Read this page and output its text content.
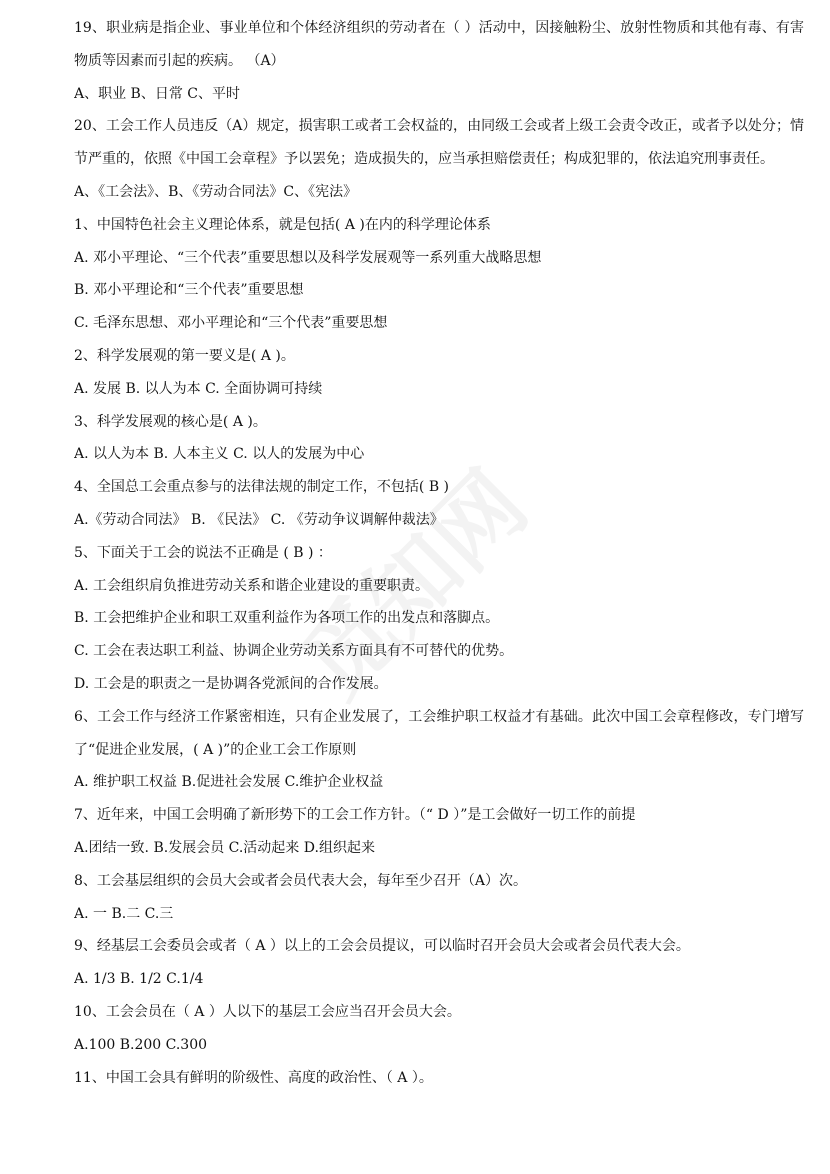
19、职业病是指企业、事业单位和个体经济组织的劳动者在（ ）活动中，因接触粉尘、放射性物质和其他有毒、有害物质等因素而引起的疾病。 （A）

A、职业 B、日常 C、平时

20、工会工作人员违反（A）规定，损害职工或者工会权益的，由同级工会或者上级工会责令改正，或者予以处分；情节严重的，依照《中国工会章程》予以罢免；造成损失的，应当承担赔偿责任；构成犯罪的，依法追究刑事责任。

A、《工会法》、B、《劳动合同法》C、《宪法》

1、中国特色社会主义理论体系，就是包括( A )在内的科学理论体系

A. 邓小平理论、“三个代表”重要思想以及科学发展观等一系列重大战略思想

B. 邓小平理论和“三个代表”重要思想

C. 毛泽东思想、邓小平理论和“三个代表”重要思想

2、科学发展观的第一要义是( A )。

A. 发展 B. 以人为本 C. 全面协调可持续

3、科学发展观的核心是( A )。

A. 以人为本 B. 人本主义 C. 以人的发展为中心

4、全国总工会重点参与的法律法规的制定工作，不包括( B )

A.《劳动合同法》 B. 《民法》 C. 《劳动争议调解仲裁法》

5、下面关于工会的说法不正确是 ( B ) ：

A. 工会组织肩负推进劳动关系和谐企业建设的重要职责。

B. 工会把维护企业和职工双重利益作为各项工作的出发点和落脚点。

C. 工会在表达职工利益、协调企业劳动关系方面具有不可替代的优势。

D. 工会是的职责之一是协调各党派间的合作发展。

6、工会工作与经济工作紧密相连，只有企业发展了，工会维护职工权益才有基础。此次中国工会章程修改，专门增写了“促进企业发展，( A )”的企业工会工作原则

A. 维护职工权益 B.促进社会发展 C.维护企业权益

7、近年来，中国工会明确了新形势下的工会工作方针。（“ D ）”是工会做好一切工作的前提

A.团结一致. B.发展会员 C.活动起来 D.组织起来

8、工会基层组织的会员大会或者会员代表大会，每年至少召开（A）次。

A. 一 B.二 C.三

9、经基层工会委员会或者（ A ）以上的工会会员提议，可以临时召开会员大会或者会员代表大会。

A. 1/3 B. 1/2 C.1/4

10、工会会员在（ A ）人以下的基层工会应当召开会员大会。

A.100 B.200 C.300

11、中国工会具有鲜明的阶级性、高度的政治性、（ A ）。
